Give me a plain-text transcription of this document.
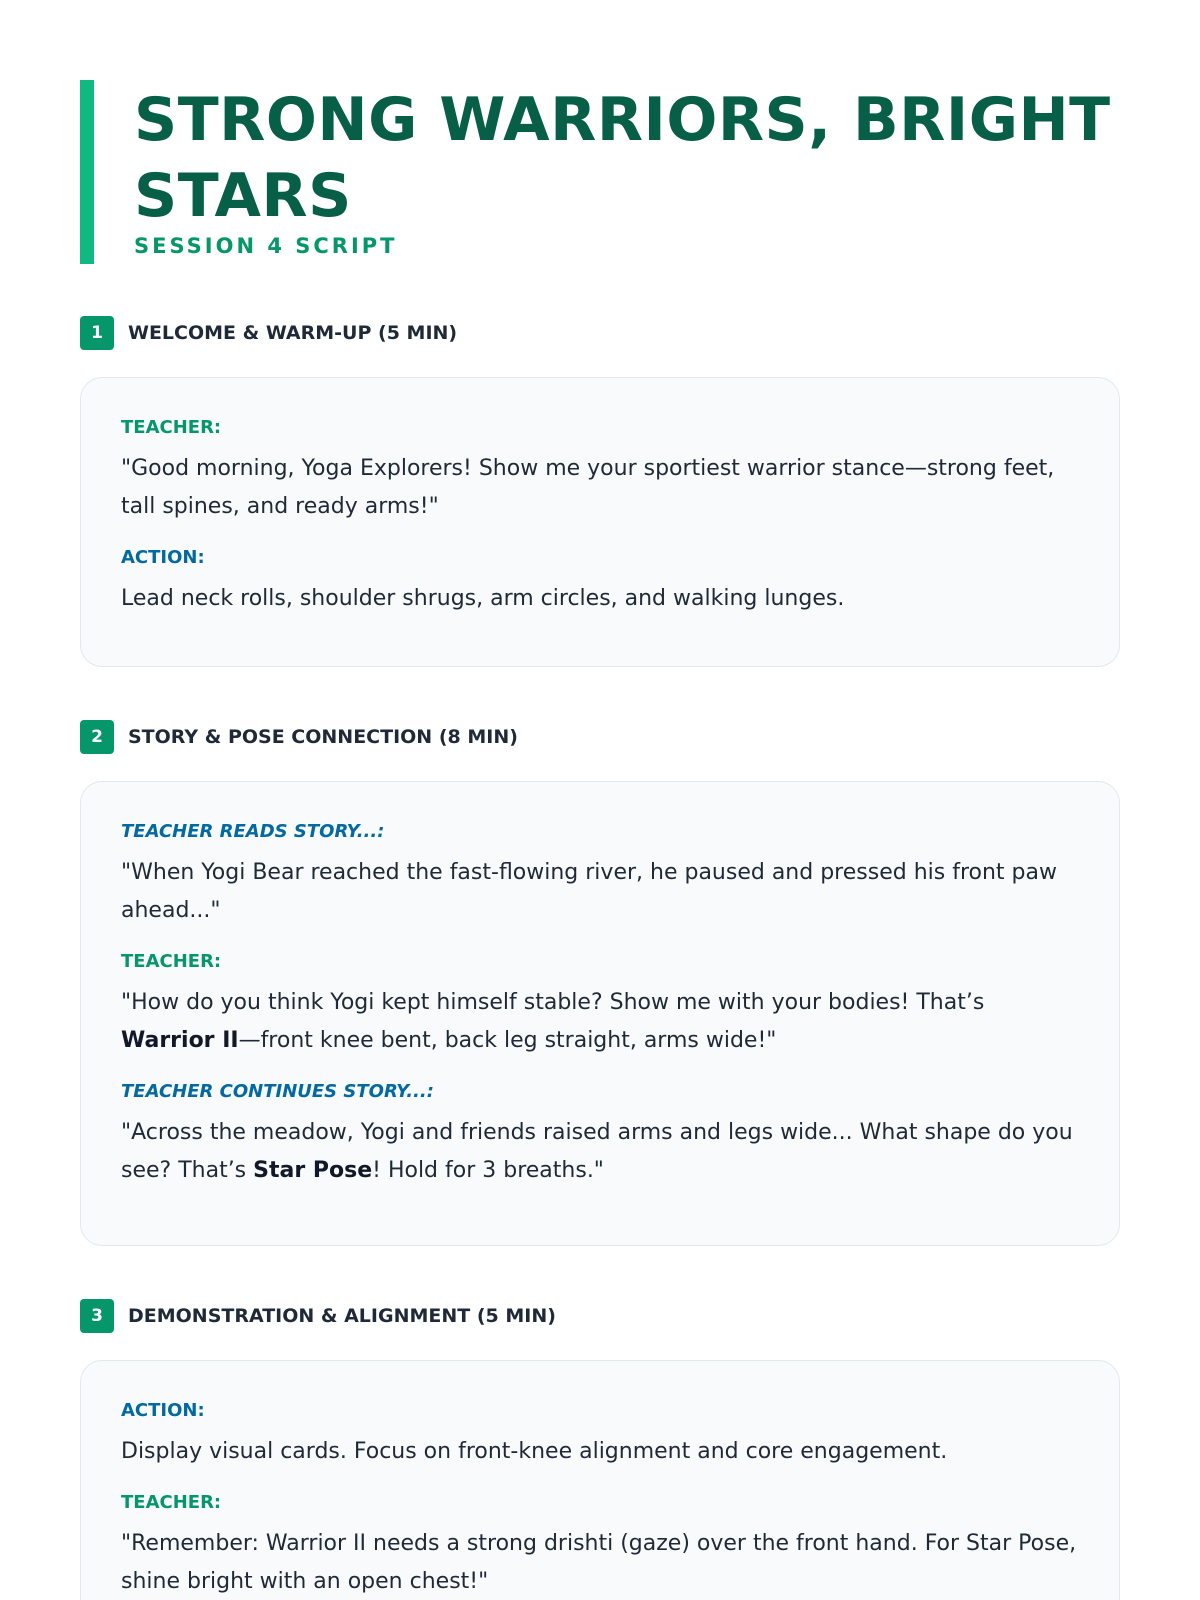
STRONG WARRIORS, BRIGHT STARS
SESSION 4 SCRIPT
1	WELCOME & WARM-UP (5 MIN)
TEACHER:
"Good morning, Yoga Explorers! Show me your sportiest warrior stance—strong feet, tall spines, and ready arms!"
ACTION:
Lead neck rolls, shoulder shrugs, arm circles, and walking lunges.
2	STORY & POSE CONNECTION (8 MIN)
TEACHER READS STORY...:
"When Yogi Bear reached the fast-flowing river, he paused and pressed his front paw ahead..."
TEACHER:
"How do you think Yogi kept himself stable? Show me with your bodies! That’s Warrior II—front knee bent, back leg straight, arms wide!"
TEACHER CONTINUES STORY...:
"Across the meadow, Yogi and friends raised arms and legs wide... What shape do you see? That’s Star Pose! Hold for 3 breaths."
3	DEMONSTRATION & ALIGNMENT (5 MIN)
ACTION:
Display visual cards. Focus on front-knee alignment and core engagement.
TEACHER:
"Remember: Warrior II needs a strong drishti (gaze) over the front hand. For Star Pose, shine bright with an open chest!"
